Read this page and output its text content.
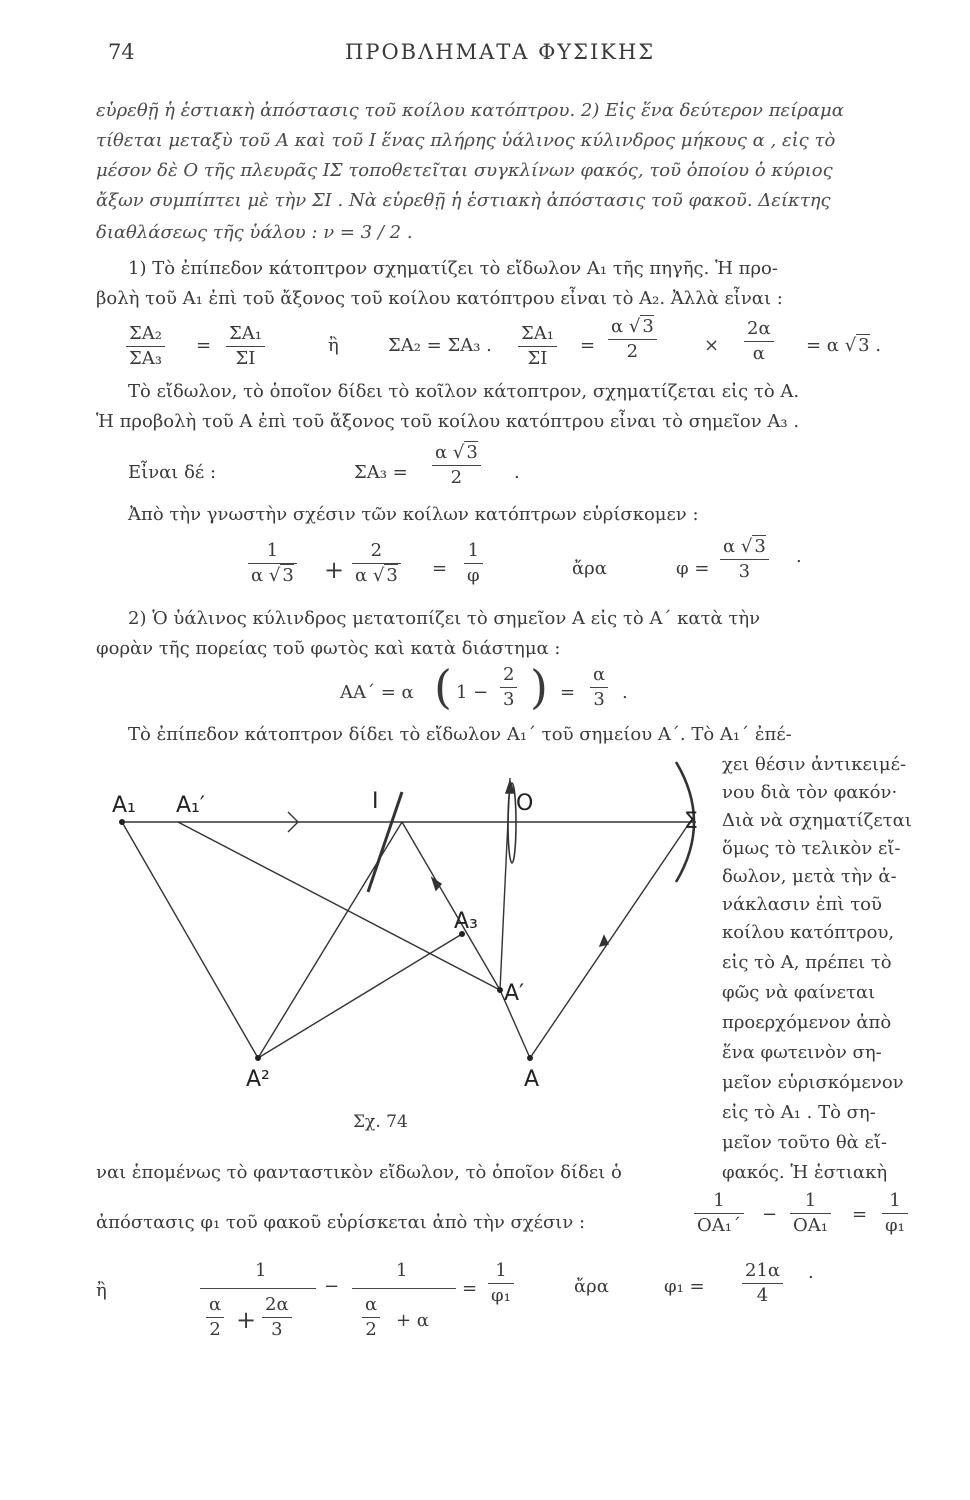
74	ΠΡΟΒΛΗΜΑΤΑ ΦΥΣΙΚΗΣ
εὑρεθῇ ἡ ἑστιακὴ ἀπόστασις τοῦ κοίλου κατόπτρου. 2) Εἰς ἕνα δεύτερον πείραμα
τίθεται μεταξὺ τοῦ Α καὶ τοῦ Ι ἕνας πλήρης ὑάλινος κύλινδρος μήκους α , εἰς τὸ
μέσον δὲ Ο τῆς πλευρᾶς ΙΣ τοποθετεῖται συγκλίνων φακός, τοῦ ὁποίου ὁ κύριος
ἄξων συμπίπτει μὲ τὴν ΣΙ . Νὰ εὑρεθῇ ἡ ἑστιακὴ ἀπόστασις τοῦ φακοῦ. Δείκτης
διαθλάσεως τῆς ὑάλου : ν = 3 / 2 .
1) Τὸ ἐπίπεδον κάτοπτρον σχηματίζει τὸ εἴδωλον Α₁ τῆς πηγῆς. Ἡ προ-
βολὴ τοῦ Α₁ ἐπὶ τοῦ ἄξονος τοῦ κοίλου κατόπτρου εἶναι τὸ Α₂. Ἀλλὰ εἶναι :
$\frac{\text{ΣΑ₂}}{\text{ΣΑ₃}} = \frac{\text{ΣΑ₁}}{\Sigma I}$	ἢ	ΣΑ₂ = ΣΑ₃ . $\frac{\text{ΣΑ₁}}{\Sigma I} = \frac{\alpha √ 3}{2}$	× $\frac{2\alpha}{\alpha} = \alpha$ √ 3 .
Τὸ εἴδωλον, τὸ ὁποῖον δίδει τὸ κοῖλον κάτοπτρον, σχηματίζεται εἰς τὸ Α.
Ἡ προβολὴ τοῦ Α ἐπὶ τοῦ ἄξονος τοῦ κοίλου κατόπτρου εἶναι τὸ σημεῖον Α₃ .
Εἶναι δέ :	$\Sigma A_3 = \frac{\alpha √ 3}{2}$ .
Ἀπὸ τὴν γνωστὴν σχέσιν τῶν κοίλων κατόπτρων εὑρίσκομεν :
$\frac{1}{\alpha √ 3} + \frac{2}{\alpha √ 3} = \frac{1}{\varphi}$	ἄρα	$\varphi = \frac{\alpha √ 3}{3}$ .
2) Ὁ ὑάλινος κύλινδρος μετατοπίζει τὸ σημεῖον Α εἰς τὸ Α΄ κατὰ τὴν
φορὰν τῆς πορείας τοῦ φωτὸς καὶ κατὰ διάστημα :
ΑΑ΄ = α ( $1 - \frac{2}{3}$ ) = $\frac{\alpha}{3}$ .
Τὸ ἐπίπεδον κάτοπτρον δίδει τὸ εἴδωλον Α₁΄ τοῦ σημείου Α΄. Τὸ Α₁΄ ἐπέ-
χει θέσιν ἀντικειμέ-
νου διὰ τὸν φακόν·
Διὰ νὰ σχηματίζεται
ὅμως τὸ τελικὸν εἴ-
δωλον, μετὰ τὴν ἀ-
νάκλασιν ἐπὶ τοῦ
κοίλου κατόπτρου,
εἰς τὸ Α, πρέπει τὸ
φῶς νὰ φαίνεται
προερχόμενον ἀπὸ
ἕνα φωτεινὸν ση-
μεῖον εὑρισκόμενον
εἰς τὸ Α₁ . Τὸ ση-
μεῖον τοῦτο θὰ εἴ-
A₁ A₁′	I	O
Σ
A₃
A′
A²	A
Σχ. 74
ναι ἑπομένως τὸ φανταστικὸν εἴδωλον, τὸ ὁποῖον δίδει ὁ	φακός. Ἡ ἑστιακὴ
ἀπόστασις φ₁ τοῦ φακοῦ εὑρίσκεται ἀπὸ τὴν σχέσιν :	$\frac{1}{\text{ΟΑ₁΄}} - \frac{1}{\text{ΟΑ₁}} = \frac{1}{\text{φ₁}}$
ἢ
1
$\frac{\alpha}{2} + \frac{2\alpha}{3}$
−
1
$\frac{\alpha}{2} + \alpha$
= $\frac{1}{\text{φ₁}}$	ἄρα	$\varphi_1 = \frac{21\alpha}{4}$ .
